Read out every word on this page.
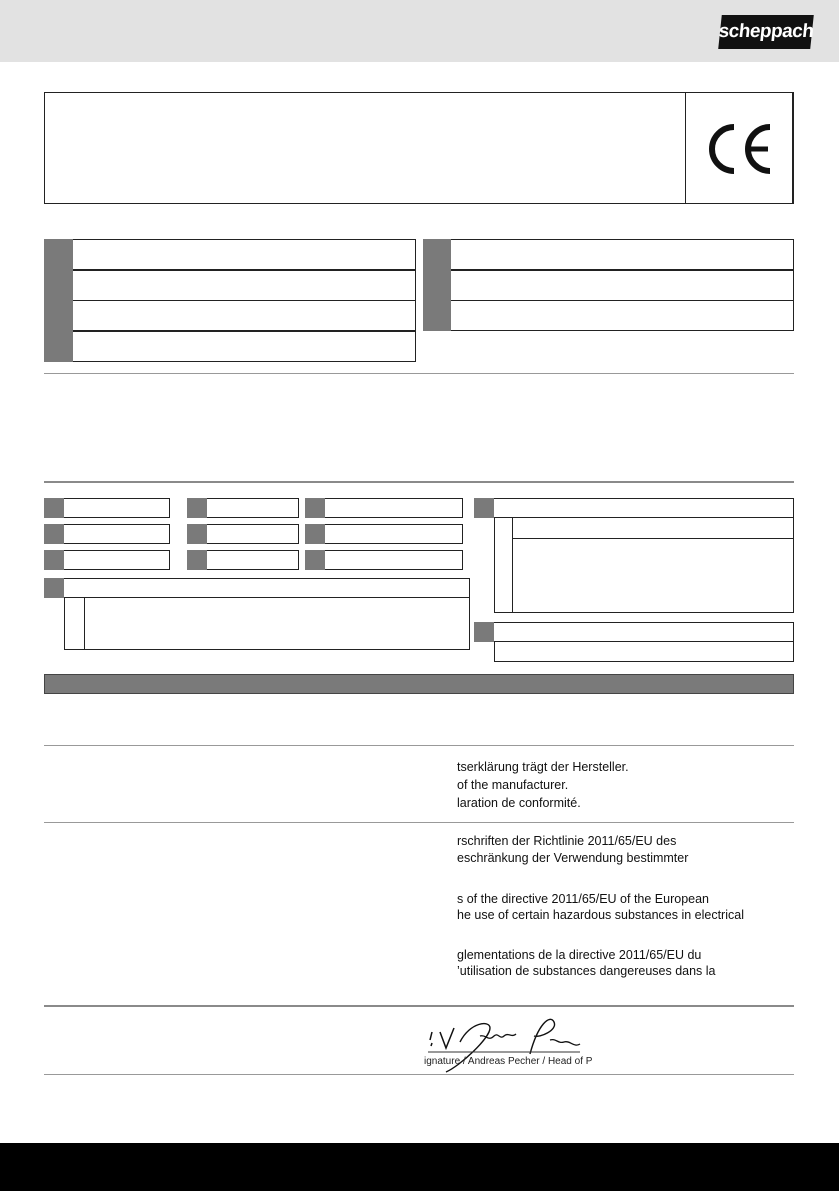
scheppach
tserklärung trägt der Hersteller.
of the manufacturer.
laration de conformité.
rschriften der Richtlinie 2011/65/EU des
eschränkung der Verwendung bestimmter
s of the directive 2011/65/EU of the European
he use of certain hazardous substances in electrical
glementations de la directive 2011/65/EU du
’utilisation de substances dangereuses dans la
ignature / Andreas Pecher / Head of P
